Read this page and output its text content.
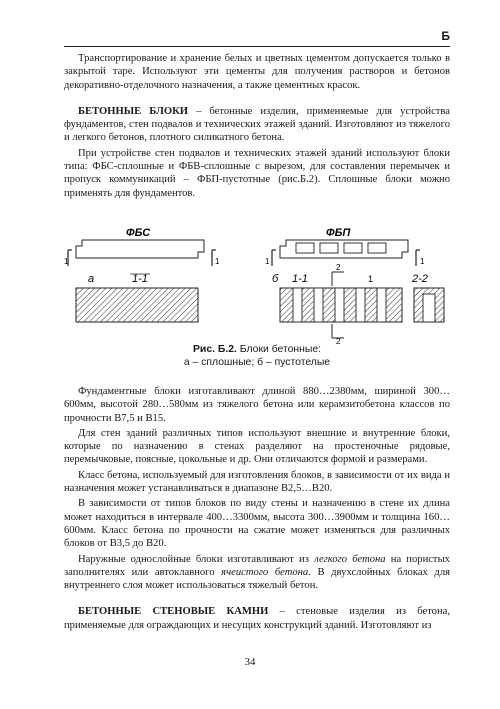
Б

Транспортирование и хранение белых и цветных цементом допускается только в закрытой таре. Используют эти цементы для получения растворов и бетонов декоративно-отделочного назначения, а также цементных красок.

БЕТОННЫЕ БЛОКИ – бетонные изделия, применяемые для устройства фундаментов, стен подвалов и технических этажей зданий. Изготовляют из тяжелого и легкого бетонов, плотного силикатного бетона.

При устройстве стен подвалов и технических этажей зданий используют блоки типа: ФБС-сплошные и ФБВ-сплошные с вырезом, для составления перемычек и пропуск коммуникаций – ФБП-пустотные (рис.Б.2). Сплошные блоки можно применять для фундаментов.

1	1
ФБС
а	1-1
1	1
ФБП
б 1-1	1
2
2
2-2
Рис. Б.2. Блоки бетонные:
а – сплошные; б – пустотелые

Фундаментные блоки изготавливают длиной 880…2380мм, шириной 300…600мм, высотой 280…580мм из тяжелого бетона или керамзитобетона классов по прочности В7,5 и В15.

Для стен зданий различных типов используют внешние и внутренние блоки, которые по назначению в стенах разделяют на простеночные рядовые, перемычковые, поясные, цокольные и др. Они отличаются формой и размерами.

Класс бетона, используемый для изготовления блоков, в зависимости от их вида и назначения может устанавливаться в диапазоне В2,5…В20.

В зависимости от типов блоков по виду стены и назначению в стене их длина может находиться в интервале 400…3300мм, высота 300…3900мм и толщина 160…600мм. Класс бетона по прочности на сжатие может изменяться для различных блоков от В3,5 до В20.

Наружные однослойные блоки изготавливают из легкого бетона на пористых заполнителях или автоклавного ячеистого бетона. В двухслойных блоках для внутреннего слоя может использоваться тяжелый бетон.

БЕТОННЫЕ СТЕНОВЫЕ КАМНИ – стеновые изделия из бетона, применяемые для ограждающих и несущих конструкций зданий. Изготовляют из

34
